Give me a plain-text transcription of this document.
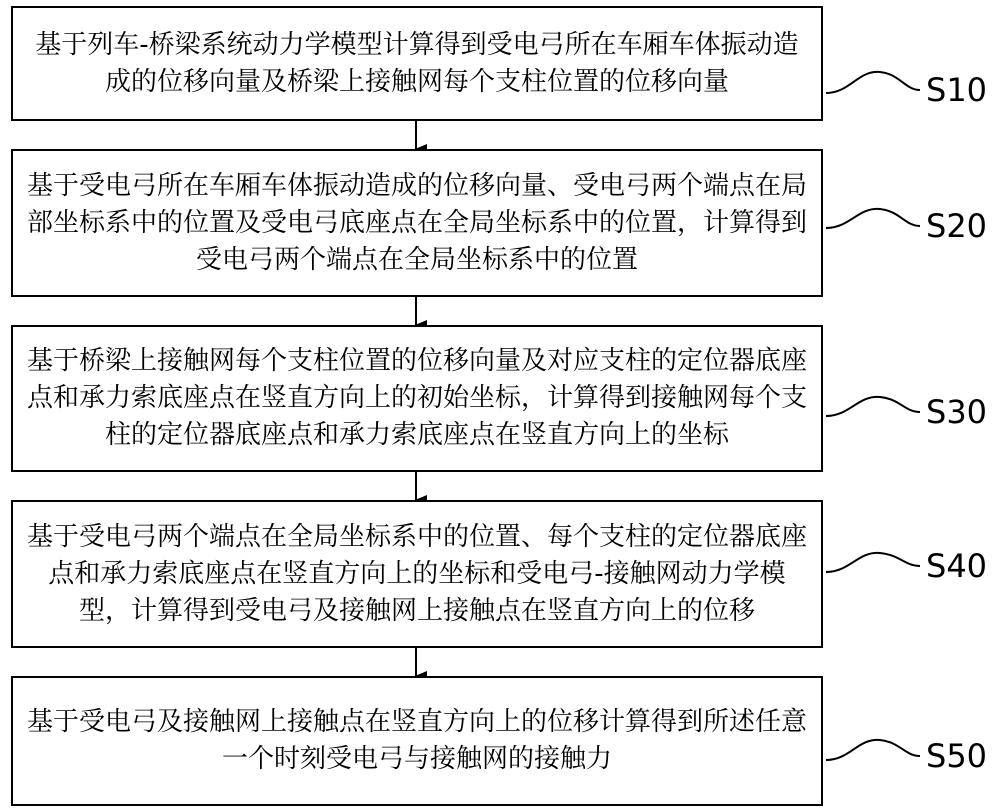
基于列车-桥梁系统动力学模型计算得到受电弓所在车厢车体振动造成的位移向量及桥梁上接触网每个支柱位置的位移向量
基于受电弓所在车厢车体振动造成的位移向量、受电弓两个端点在局部坐标系中的位置及受电弓底座点在全局坐标系中的位置，计算得到受电弓两个端点在全局坐标系中的位置
基于桥梁上接触网每个支柱位置的位移向量及对应支柱的定位器底座点和承力索底座点在竖直方向上的初始坐标，计算得到接触网每个支柱的定位器底座点和承力索底座点在竖直方向上的坐标
基于受电弓两个端点在全局坐标系中的位置、每个支柱的定位器底座点和承力索底座点在竖直方向上的坐标和受电弓-接触网动力学模型，计算得到受电弓及接触网上接触点在竖直方向上的位移
基于受电弓及接触网上接触点在竖直方向上的位移计算得到所述任意一个时刻受电弓与接触网的接触力
S10
S20
S30
S40
S50
